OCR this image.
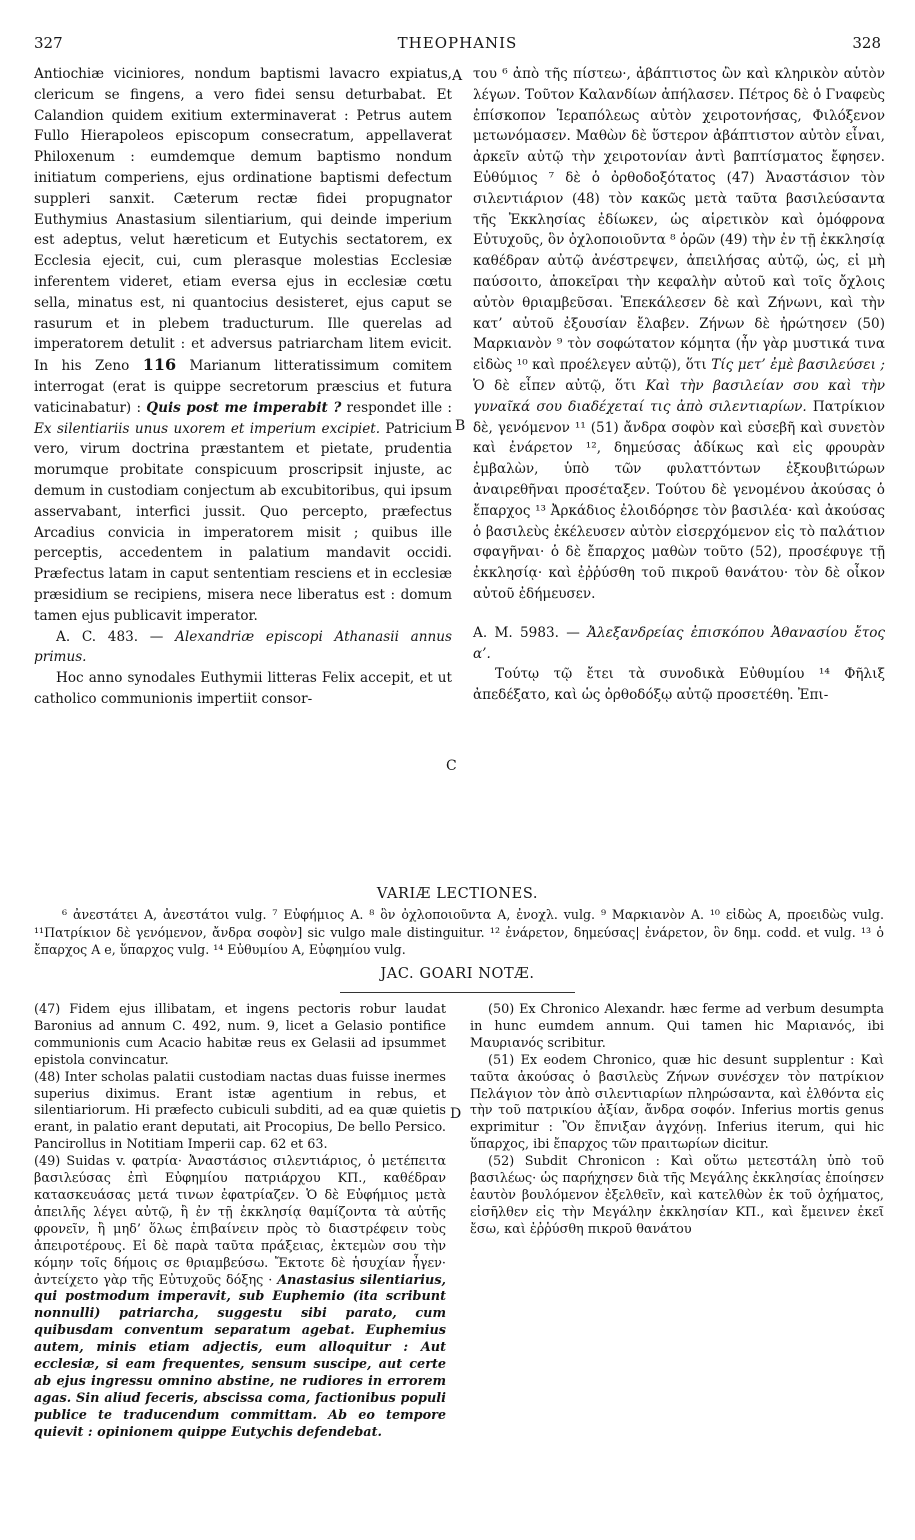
327	THEOPHANIS	328

Antiochiæ viciniores, nondum baptismi lavacro expiatus, clericum se fingens, a vero fidei sensu deturbabat. Et Calandion quidem exitium exterminaverat : Petrus autem Fullo Hierapoleos episcopum consecratum, appellaverat Philoxenum : eumdemque demum baptismo nondum initiatum comperiens, ejus ordinatione baptismi defectum suppleri sanxit. Cæterum rectæ fidei propugnator Euthymius Anastasium silentiarium, qui deinde imperium est adeptus, velut hæreticum et Eutychis sectatorem, ex Ecclesia ejecit, cui, cum plerasque molestias Ecclesiæ inferentem videret, etiam eversa ejus in ecclesiæ cœtu sella, minatus est, ni quantocius desisteret, ejus caput se rasurum et in plebem traducturum. Ille querelas ad imperatorem detulit : et adversus patriarcham litem evicit. In his Zeno 116 Marianum litteratissimum comitem interrogat (erat is quippe secretorum præscius et futura vaticinabatur) : Quis post me imperabit ? respondet ille : Ex silentiariis unus uxorem et imperium excipiet. Patricium vero, virum doctrina præstantem et pietate, prudentia morumque probitate conspicuum proscripsit injuste, ac demum in custodiam conjectum ab excubitoribus, qui ipsum asservabant, interfici jussit. Quo percepto, præfectus Arcadius convicia in imperatorem misit ; quibus ille perceptis, accedentem in palatium mandavit occidi. Præfectus latam in caput sententiam resciens et in ecclesiæ præsidium se recipiens, misera nece liberatus est : domum tamen ejus publicavit imperator.

A. C. 483. — Alexandriæ episcopi Athanasii annus primus.

Hoc anno synodales Euthymii litteras Felix accepit, et ut catholico communionis impertiit consor-

A
B
C
D

του ⁶ ἀπὸ τῆς πίστεω·, ἀβάπτιστος ὢν καὶ κληρικὸν αὑτὸν λέγων. Τοῦτον Καλανδίων ἀπήλασεν. Πέτρος δὲ ὁ Γναφεὺς ἐπίσκοπον Ἱεραπόλεως αὐτὸν χειροτονήσας, Φιλόξενον μετωνόμασεν. Μαθὼν δὲ ὕστερον ἀβάπτιστον αὐτὸν εἶναι, ἀρκεῖν αὐτῷ τὴν χειροτονίαν ἀντὶ βαπτίσματος ἔφησεν. Εὐθύμιος ⁷ δὲ ὁ ὀρθοδοξότατος (47) Ἀναστάσιον τὸν σιλεντιάριον (48) τὸν κακῶς μετὰ ταῦτα βασιλεύσαντα τῆς Ἐκκλησίας ἐδίωκεν, ὡς αἱρετικὸν καὶ ὁμόφρονα Εὐτυχοῦς, ὃν ὀχλοποιοῦντα ⁸ ὁρῶν (49) τὴν ἐν τῇ ἐκκλησίᾳ καθέδραν αὐτῷ ἀνέστρεψεν, ἀπειλήσας αὐτῷ, ὡς, εἰ μὴ παύσοιτο, ἀποκεῖραι τὴν κεφαλὴν αὐτοῦ καὶ τοῖς ὄχλοις αὐτὸν θριαμβεῦσαι. Ἐπεκάλεσεν δὲ καὶ Ζήνωνι, καὶ τὴν κατ’ αὐτοῦ ἐξουσίαν ἔλαβεν. Ζήνων δὲ ἠρώτησεν (50) Μαρκιανὸν ⁹ τὸν σοφώτατον κόμητα (ἦν γὰρ μυστικά τινα εἰδὼς ¹⁰ καὶ προέλεγεν αὐτῷ), ὅτι Τίς μετ’ ἐμὲ βασιλεύσει ; Ὁ δὲ εἶπεν αὐτῷ, ὅτι Καὶ τὴν βασιλείαν σου καὶ τὴν γυναῖκά σου διαδέχεταί τις ἀπὸ σιλεντιαρίων. Πατρίκιον δὲ, γενόμενον ¹¹ (51) ἄνδρα σοφὸν καὶ εὐσεβῆ καὶ συνετὸν καὶ ἐνάρετον ¹², δημεύσας ἀδίκως καὶ εἰς φρουρὰν ἐμβαλὼν, ὑπὸ τῶν φυλαττόντων ἐξκουβιτώρων ἀναιρεθῆναι προσέταξεν. Τούτου δὲ γενομένου ἀκούσας ὁ ἔπαρχος ¹³ Ἀρκάδιος ἐλοιδόρησε τὸν βασιλέα· καὶ ἀκούσας ὁ βασιλεὺς ἐκέλευσεν αὐτὸν εἰσερχόμενον εἰς τὸ παλάτιον σφαγῆναι· ὁ δὲ ἔπαρχος μαθὼν τοῦτο (52), προσέφυγε τῇ ἐκκλησίᾳ· καὶ ἐῤῥύσθη τοῦ πικροῦ θανάτου· τὸν δὲ οἶκον αὐτοῦ ἐδήμευσεν.

A. M. 5983. — Ἀλεξανδρείας ἐπισκόπου Ἀθανασίου ἔτος α’.

Τούτῳ τῷ ἔτει τὰ συνοδικὰ Εὐθυμίου ¹⁴ Φῆλιξ ἀπεδέξατο, καὶ ὡς ὀρθοδόξῳ αὐτῷ προσετέθη. Ἐπι-

VARIÆ LECTIONES.

⁶ ἀνεστάτει A, ἀνεστάτοι vulg. ⁷ Εὐφήμιος A. ⁸ ὃν ὀχλοποιοῦντα A, ἐνοχλ. vulg. ⁹ Μαρκιανὸν A. ¹⁰ εἰδὼς A, προειδὼς vulg. ¹¹Πατρίκιον δὲ γενόμενον, ἄνδρα σοφὸν] sic vulgo male distinguitur. ¹² ἐνάρετον, δημεύσας| ἐνάρετον, ὃν δημ. codd. et vulg. ¹³ ὁ ἔπαρχος A e, ὕπαρχος vulg. ¹⁴ Εὐθυμίου A, Εὐφημίου vulg.

JAC. GOARI NOTÆ.

(47) Fidem ejus illibatam, et ingens pectoris robur laudat Baronius ad annum C. 492, num. 9, licet a Gelasio pontifice communionis cum Acacio habitæ reus ex Gelasii ad ipsummet epistola convincatur.

(48) Inter scholas palatii custodiam nactas duas fuisse inermes superius diximus. Erant istæ agentium in rebus, et silentiariorum. Hi præfecto cubiculi subditi, ad ea quæ quietis erant, in palatio erant deputati, ait Procopius, De bello Persico. Pancirollus in Notitiam Imperii cap. 62 et 63.

(49) Suidas v. φατρία· Ἀναστάσιος σιλεντιάριος, ὁ μετέπειτα βασιλεύσας ἐπὶ Εὐφημίου πατριάρχου ΚΠ., καθέδραν κατασκευάσας μετά τινων ἐφατρίαζεν. Ὁ δὲ Εὐφήμιος μετὰ ἀπειλῆς λέγει αὐτῷ, ἢ ἐν τῇ ἐκκλησίᾳ θαμίζοντα τὰ αὐτῆς φρονεῖν, ἢ μηδ’ ὅλως ἐπιβαίνειν πρὸς τὸ διαστρέφειν τοὺς ἀπειροτέρους. Εἰ δὲ παρὰ ταῦτα πράξειας, ἐκτεμὼν σου τὴν κόμην τοῖς δήμοις σε θριαμβεύσω. Ἔκτοτε δὲ ἡσυχίαν ἦγεν· ἀντείχετο γὰρ τῆς Εὐτυχοῦς δόξης · Anastasius silentiarius, qui postmodum imperavit, sub Euphemio (ita scribunt nonnulli) patriarcha, suggestu sibi parato, cum quibusdam conventum separatum agebat. Euphemius autem, minis etiam adjectis, eum alloquitur : Aut ecclesiæ, si eam frequentes, sensum suscipe, aut certe ab ejus ingressu omnino abstine, ne rudiores in errorem agas. Sin aliud feceris, abscissa coma, factionibus populi publice te traducendum committam. Ab eo tempore quievit : opinionem quippe Eutychis defendebat.

(50) Ex Chronico Alexandr. hæc ferme ad verbum desumpta in hunc eumdem annum. Qui tamen hic Μαριανός, ibi Μαυριανός scribitur.

(51) Ex eodem Chronico, quæ hic desunt supplentur : Καὶ ταῦτα ἀκούσας ὁ βασιλεὺς Ζήνων συνέσχεν τὸν πατρίκιον Πελάγιον τὸν ἀπὸ σιλεντιαρίων πληρώσαντα, καὶ ἐλθόντα εἰς τὴν τοῦ πατρικίου ἀξίαν, ἄνδρα σοφόν. Inferius mortis genus exprimitur : Ὃν ἔπνιξαν ἀγχόνῃ. Inferius iterum, qui hic ὕπαρχος, ibi ἔπαρχος τῶν πραιτωρίων dicitur.

(52) Subdit Chronicon : Καὶ οὕτω μετεστάλη ὑπὸ τοῦ βασιλέως· ὡς παρήχησεν διὰ τῆς Μεγάλης ἐκκλησίας ἐποίησεν ἑαυτὸν βουλόμενον ἐξελθεῖν, καὶ κατελθὼν ἐκ τοῦ ὀχήματος, εἰσῆλθεν εἰς τὴν Μεγάλην ἐκκλησίαν ΚΠ., καὶ ἔμεινεν ἐκεῖ ἔσω, καὶ ἐῤῥύσθη πικροῦ θανάτου
